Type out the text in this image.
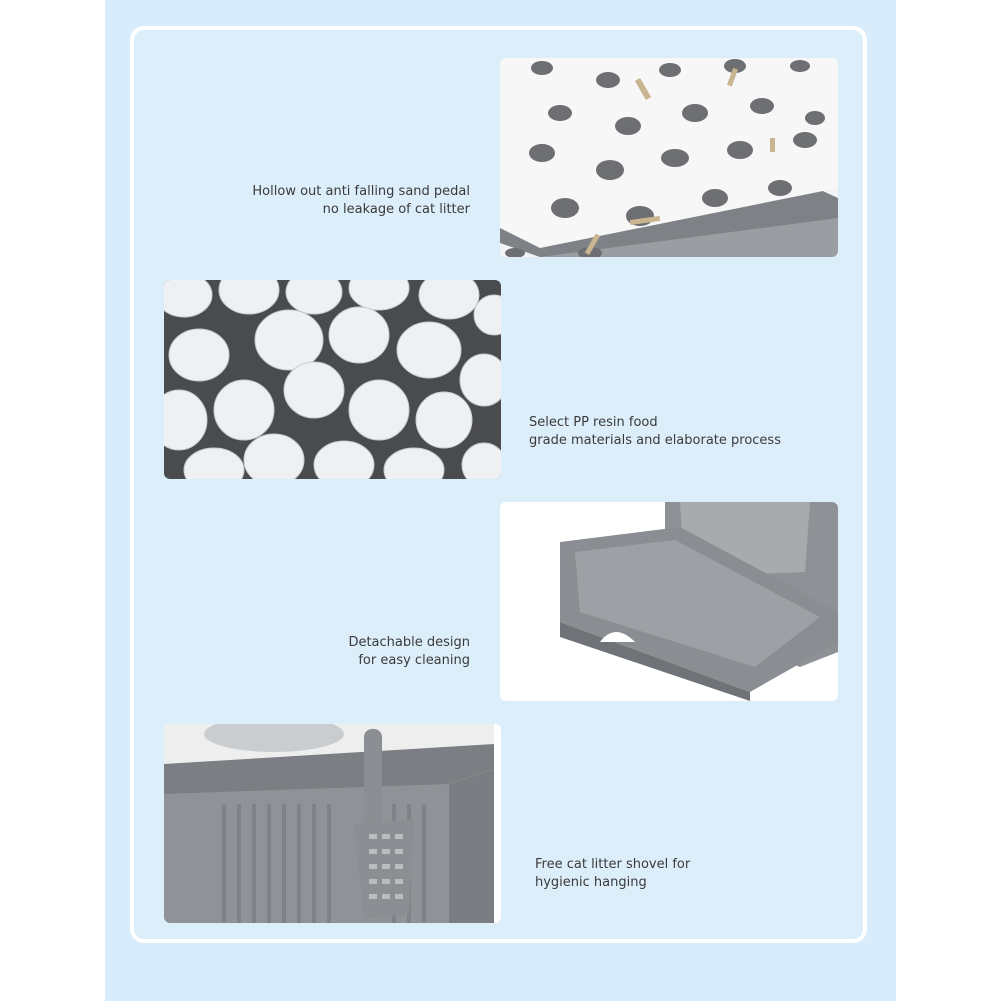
Hollow out anti falling sand pedal
no leakage of cat litter
Select PP resin food
grade materials and elaborate process
Detachable design
for easy cleaning
Free cat litter shovel for
hygienic hanging
